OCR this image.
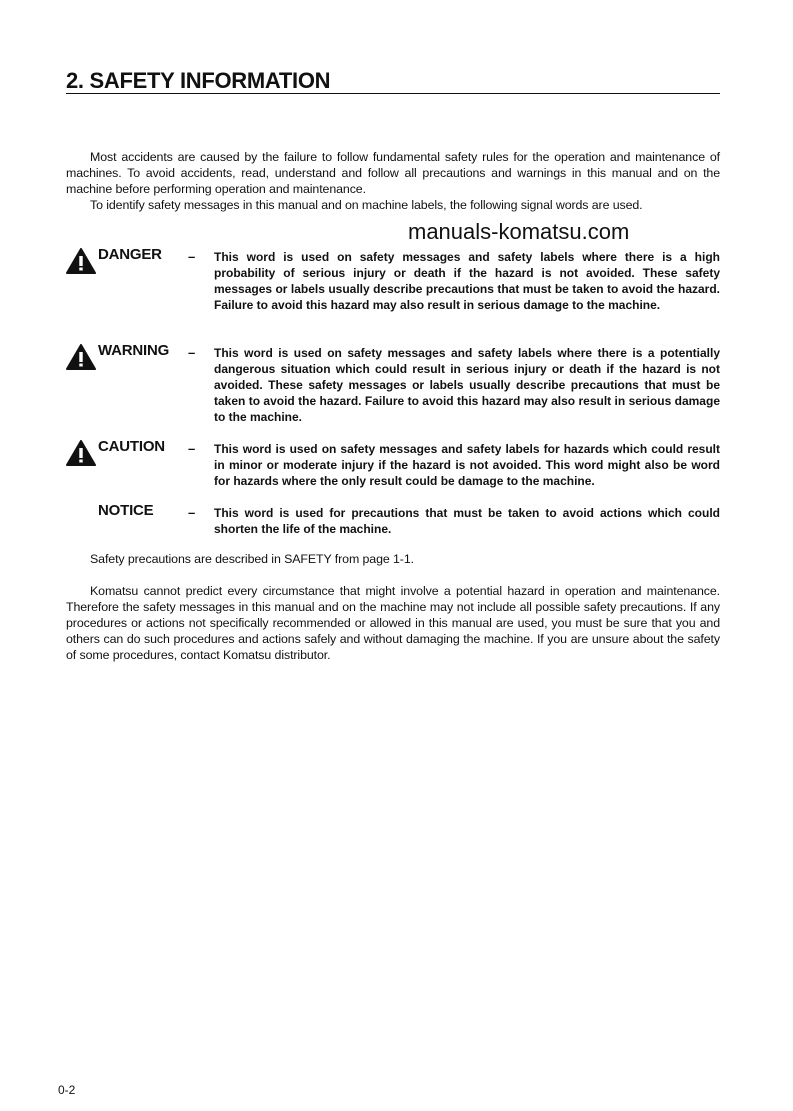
2. SAFETY INFORMATION
Most accidents are caused by the failure to follow fundamental safety rules for the operation and maintenance of machines. To avoid accidents, read, understand and follow all precautions and warnings in this manual and on the machine before performing operation and maintenance.
To identify safety messages in this manual and on machine labels, the following signal words are used.
manuals-komatsu.com
DANGER – This word is used on safety messages and safety labels where there is a high probability of serious injury or death if the hazard is not avoided. These safety messages or labels usually describe precautions that must be taken to avoid the hazard. Failure to avoid this hazard may also result in serious damage to the machine.
WARNING – This word is used on safety messages and safety labels where there is a potentially dangerous situation which could result in serious injury or death if the hazard is not avoided. These safety messages or labels usually describe precautions that must be taken to avoid the hazard. Failure to avoid this hazard may also result in serious damage to the machine.
CAUTION – This word is used on safety messages and safety labels for hazards which could result in minor or moderate injury if the hazard is not avoided. This word might also be word for hazards where the only result could be damage to the machine.
NOTICE	– This word is used for precautions that must be taken to avoid actions which could shorten the life of the machine.
Safety precautions are described in SAFETY from page 1-1.
Komatsu cannot predict every circumstance that might involve a potential hazard in operation and maintenance. Therefore the safety messages in this manual and on the machine may not include all possible safety precautions. If any procedures or actions not specifically recommended or allowed in this manual are used, you must be sure that you and others can do such procedures and actions safely and without damaging the machine. If you are unsure about the safety of some procedures, contact Komatsu distributor.
0-2
